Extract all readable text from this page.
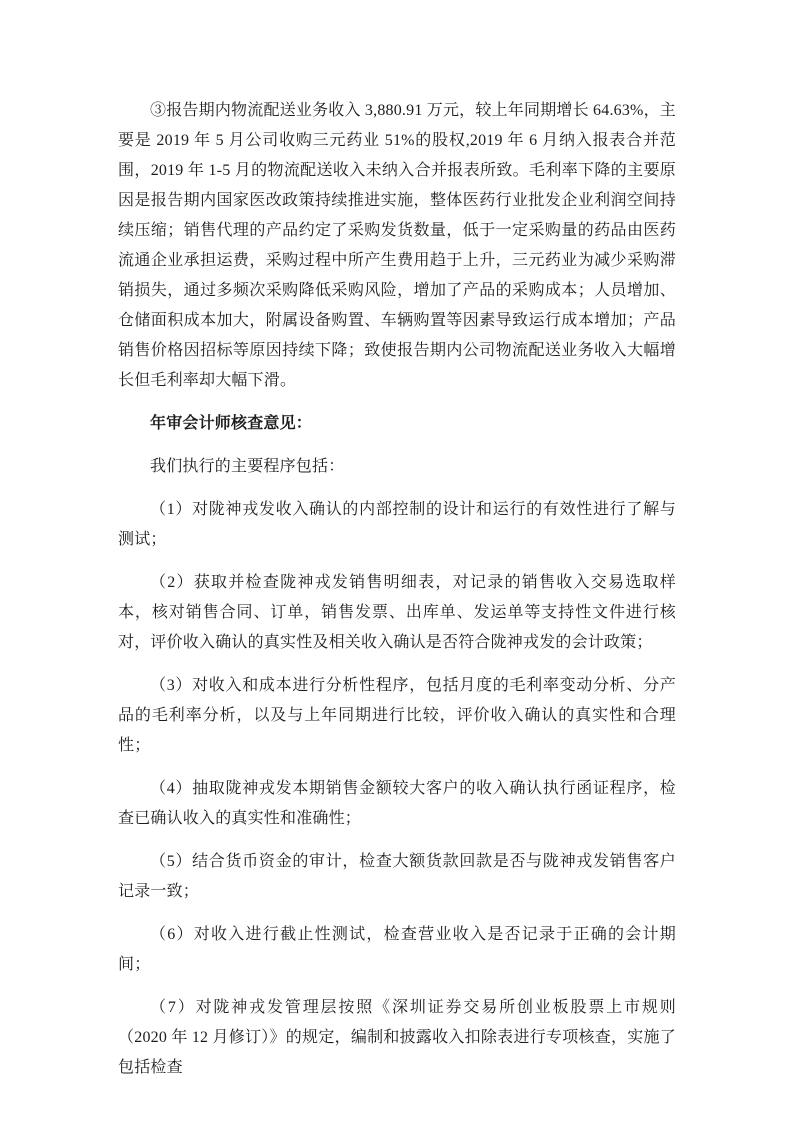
③报告期内物流配送业务收入 3,880.91 万元，较上年同期增长 64.63%，主要是 2019 年 5 月公司收购三元药业 51%的股权,2019 年 6 月纳入报表合并范围，2019 年 1-5 月的物流配送收入未纳入合并报表所致。毛利率下降的主要原因是报告期内国家医改政策持续推进实施，整体医药行业批发企业利润空间持续压缩；销售代理的产品约定了采购发货数量，低于一定采购量的药品由医药流通企业承担运费，采购过程中所产生费用趋于上升，三元药业为减少采购滞销损失，通过多频次采购降低采购风险，增加了产品的采购成本；人员增加、仓储面积成本加大，附属设备购置、车辆购置等因素导致运行成本增加；产品销售价格因招标等原因持续下降；致使报告期内公司物流配送业务收入大幅增长但毛利率却大幅下滑。

年审会计师核查意见：

我们执行的主要程序包括：

（1）对陇神戎发收入确认的内部控制的设计和运行的有效性进行了解与测试；

（2）获取并检查陇神戎发销售明细表，对记录的销售收入交易选取样本，核对销售合同、订单，销售发票、出库单、发运单等支持性文件进行核对，评价收入确认的真实性及相关收入确认是否符合陇神戎发的会计政策；

（3）对收入和成本进行分析性程序，包括月度的毛利率变动分析、分产品的毛利率分析，以及与上年同期进行比较，评价收入确认的真实性和合理性；

（4）抽取陇神戎发本期销售金额较大客户的收入确认执行函证程序，检查已确认收入的真实性和准确性；

（5）结合货币资金的审计，检查大额货款回款是否与陇神戎发销售客户记录一致；

（6）对收入进行截止性测试，检查营业收入是否记录于正确的会计期间；

（7）对陇神戎发管理层按照《深圳证券交易所创业板股票上市规则（2020 年 12 月修订）》的规定，编制和披露收入扣除表进行专项核查，实施了包括检查
